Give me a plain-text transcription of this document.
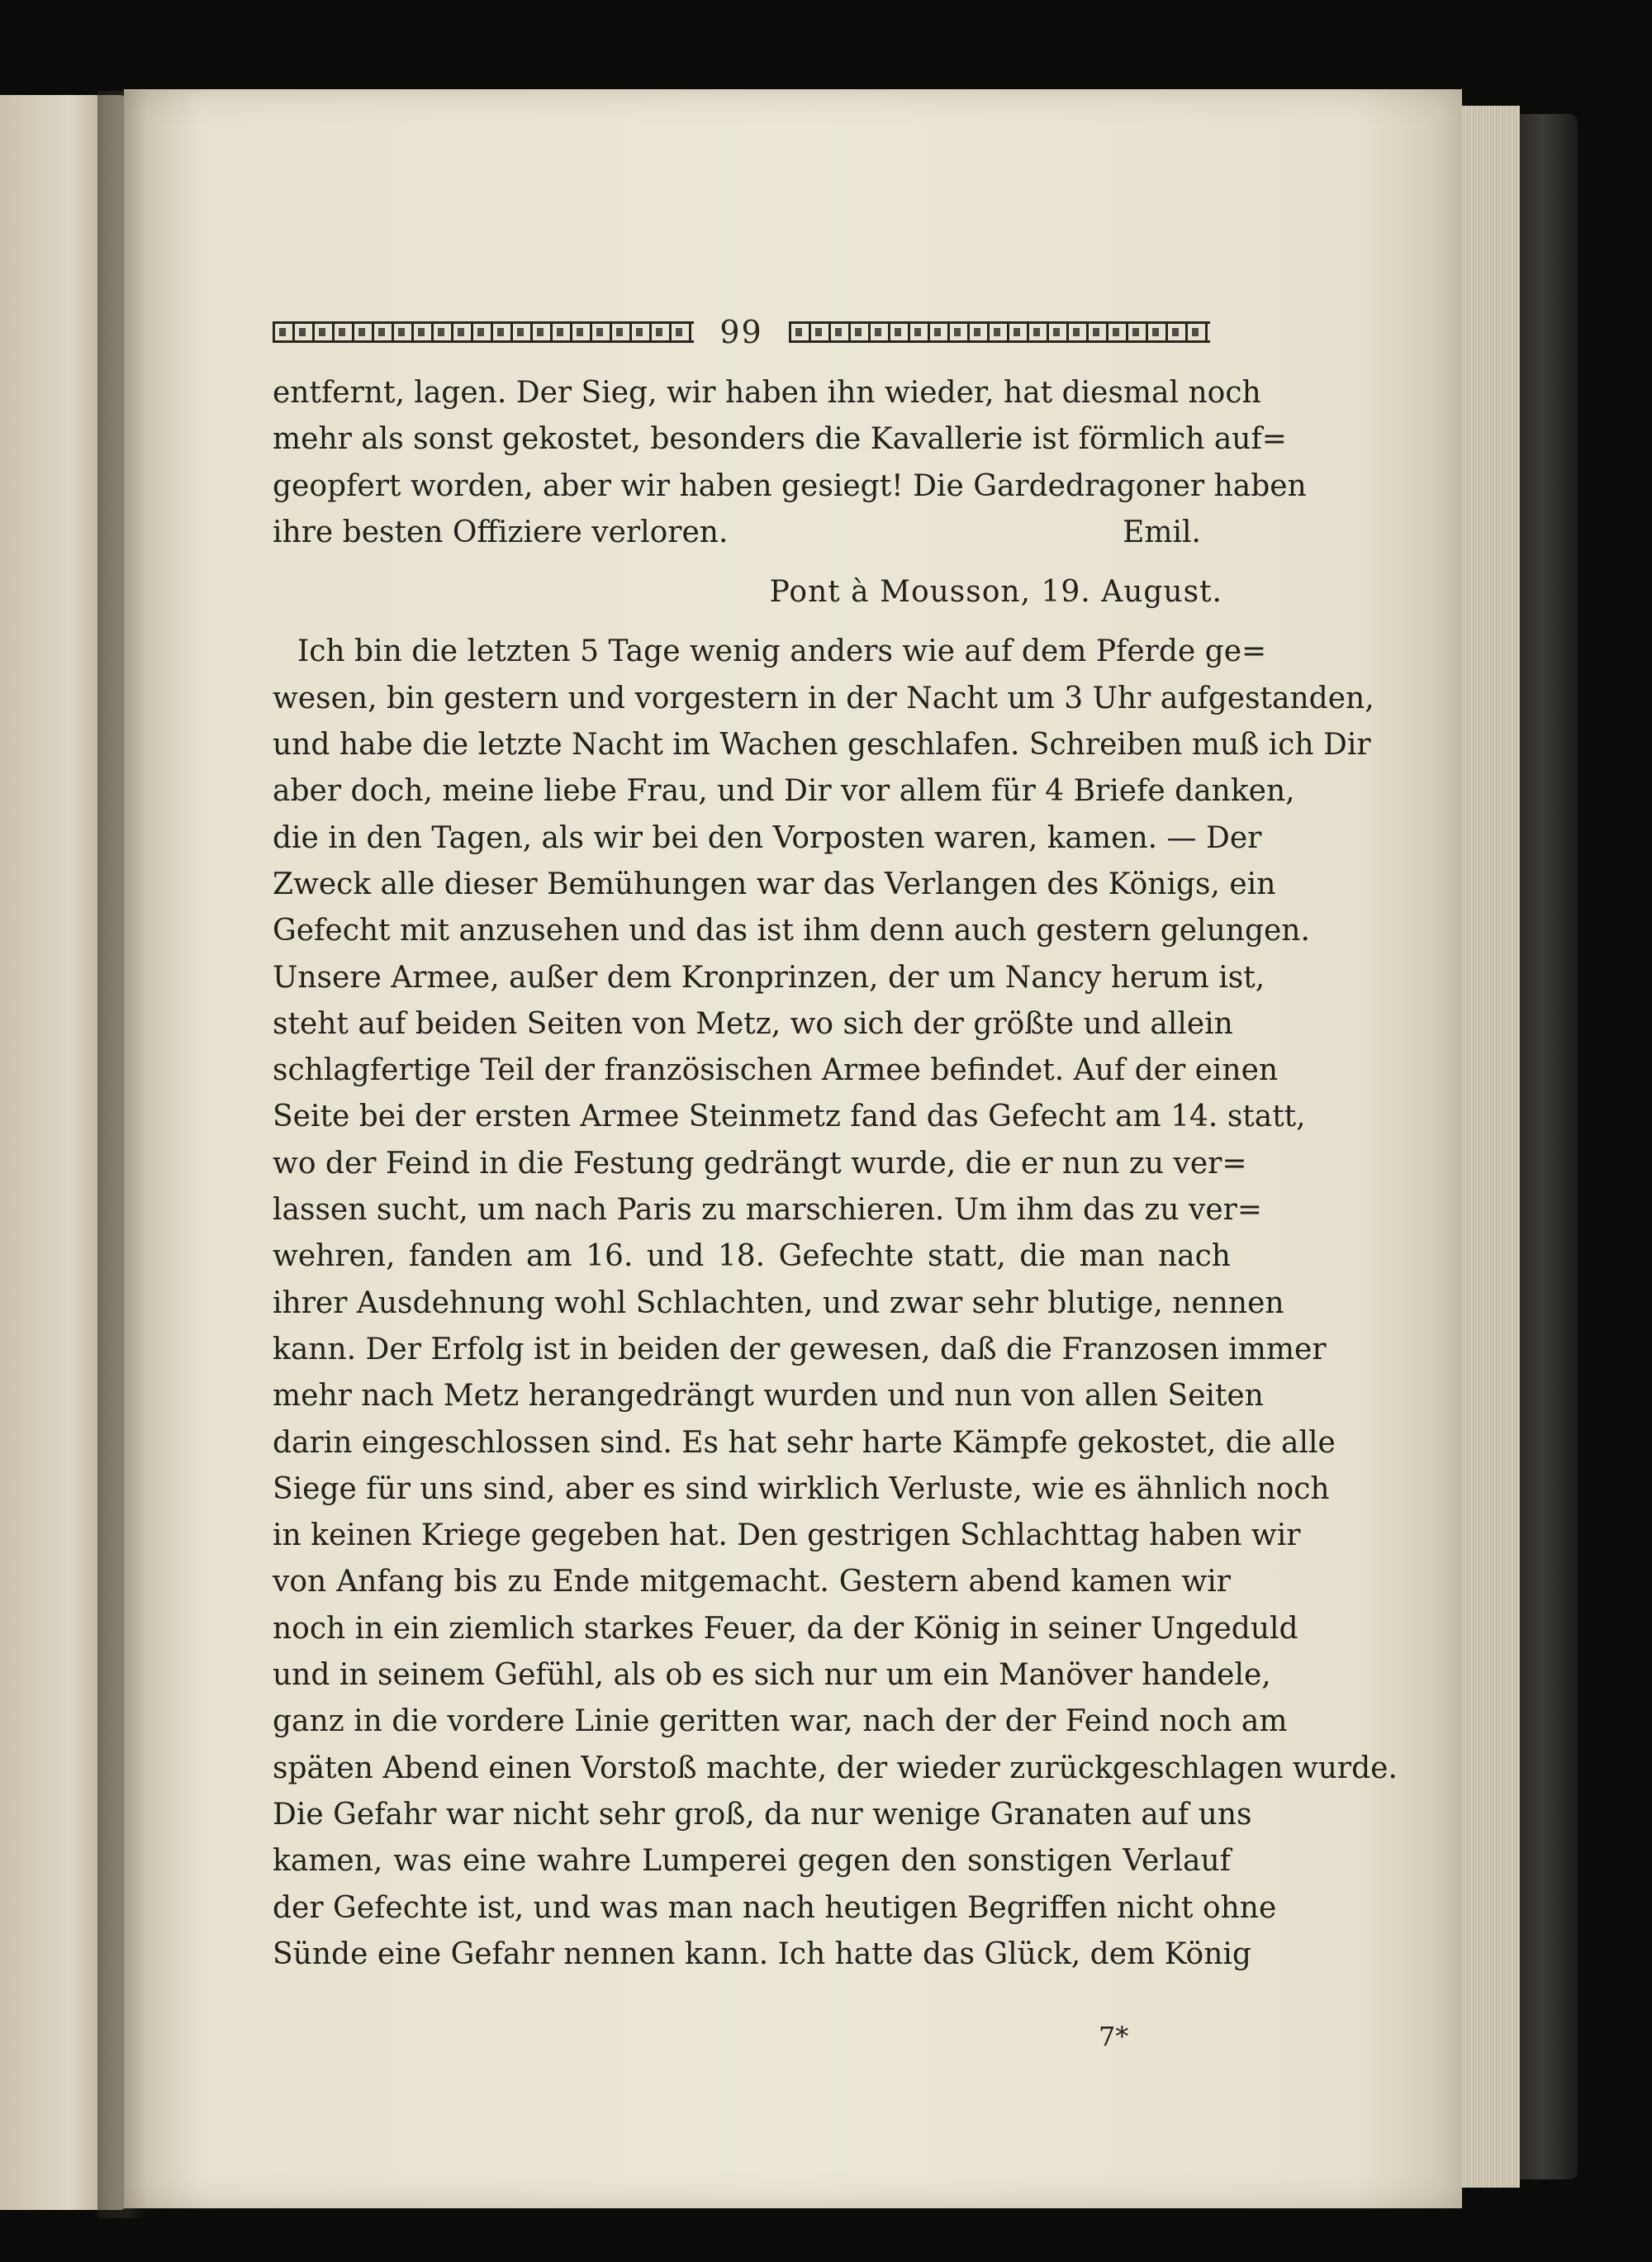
99
entfernt, lagen. Der Sieg, wir haben ihn wieder, hat diesmal noch
mehr als sonst gekostet, besonders die Kavallerie ist förmlich auf=
geopfert worden, aber wir haben gesiegt! Die Gardedragoner haben
ihre besten Offiziere verloren.	Emil.
Pont à Mousson, 19. August.
Ich bin die letzten 5 Tage wenig anders wie auf dem Pferde ge=
wesen, bin gestern und vorgestern in der Nacht um 3 Uhr aufgestanden,
und habe die letzte Nacht im Wachen geschlafen. Schreiben muß ich Dir
aber doch, meine liebe Frau, und Dir vor allem für 4 Briefe danken,
die in den Tagen, als wir bei den Vorposten waren, kamen. — Der
Zweck alle dieser Bemühungen war das Verlangen des Königs, ein
Gefecht mit anzusehen und das ist ihm denn auch gestern gelungen.
Unsere Armee, außer dem Kronprinzen, der um Nancy herum ist,
steht auf beiden Seiten von Metz, wo sich der größte und allein
schlagfertige Teil der französischen Armee befindet. Auf der einen
Seite bei der ersten Armee Steinmetz fand das Gefecht am 14. statt,
wo der Feind in die Festung gedrängt wurde, die er nun zu ver=
lassen sucht, um nach Paris zu marschieren. Um ihm das zu ver=
wehren, fanden am 16. und 18. Gefechte statt, die man nach
ihrer Ausdehnung wohl Schlachten, und zwar sehr blutige, nennen
kann. Der Erfolg ist in beiden der gewesen, daß die Franzosen immer
mehr nach Metz herangedrängt wurden und nun von allen Seiten
darin eingeschlossen sind. Es hat sehr harte Kämpfe gekostet, die alle
Siege für uns sind, aber es sind wirklich Verluste, wie es ähnlich noch
in keinen Kriege gegeben hat. Den gestrigen Schlachttag haben wir
von Anfang bis zu Ende mitgemacht. Gestern abend kamen wir
noch in ein ziemlich starkes Feuer, da der König in seiner Ungeduld
und in seinem Gefühl, als ob es sich nur um ein Manöver handele,
ganz in die vordere Linie geritten war, nach der der Feind noch am
späten Abend einen Vorstoß machte, der wieder zurückgeschlagen wurde.
Die Gefahr war nicht sehr groß, da nur wenige Granaten auf uns
kamen, was eine wahre Lumperei gegen den sonstigen Verlauf
der Gefechte ist, und was man nach heutigen Begriffen nicht ohne
Sünde eine Gefahr nennen kann. Ich hatte das Glück, dem König
7*
